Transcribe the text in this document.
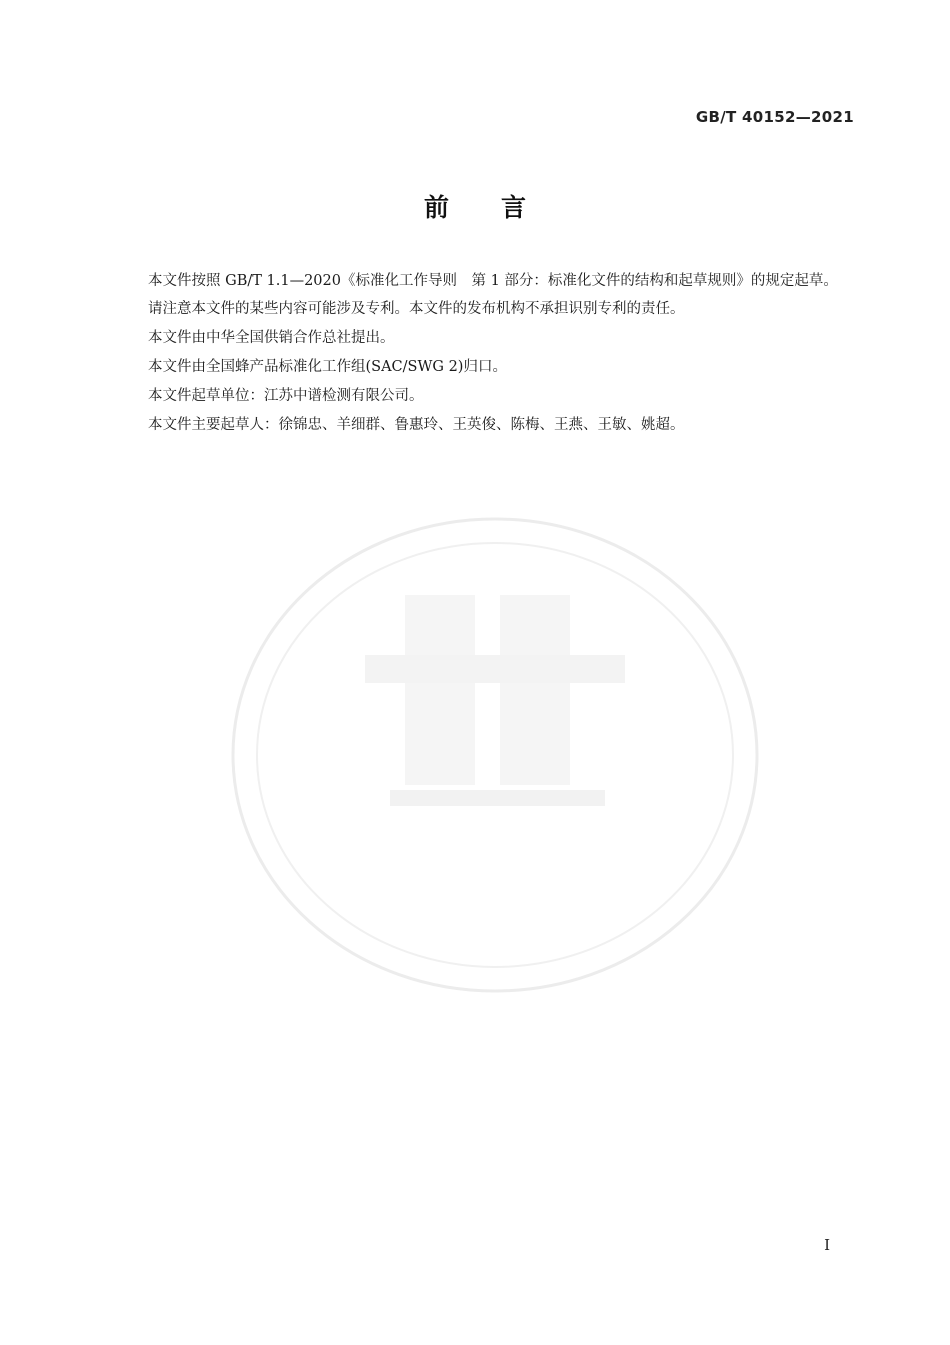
GB/T 40152—2021
前 言

本文件按照 GB/T 1.1—2020《标准化工作导则　第 1 部分：标准化文件的结构和起草规则》的规定起草。

请注意本文件的某些内容可能涉及专利。本文件的发布机构不承担识别专利的责任。

本文件由中华全国供销合作总社提出。

本文件由全国蜂产品标准化工作组(SAC/SWG 2)归口。

本文件起草单位：江苏中谱检测有限公司。

本文件主要起草人：徐锦忠、羊细群、鲁惠玲、王英俊、陈梅、王燕、王敏、姚超。

I
